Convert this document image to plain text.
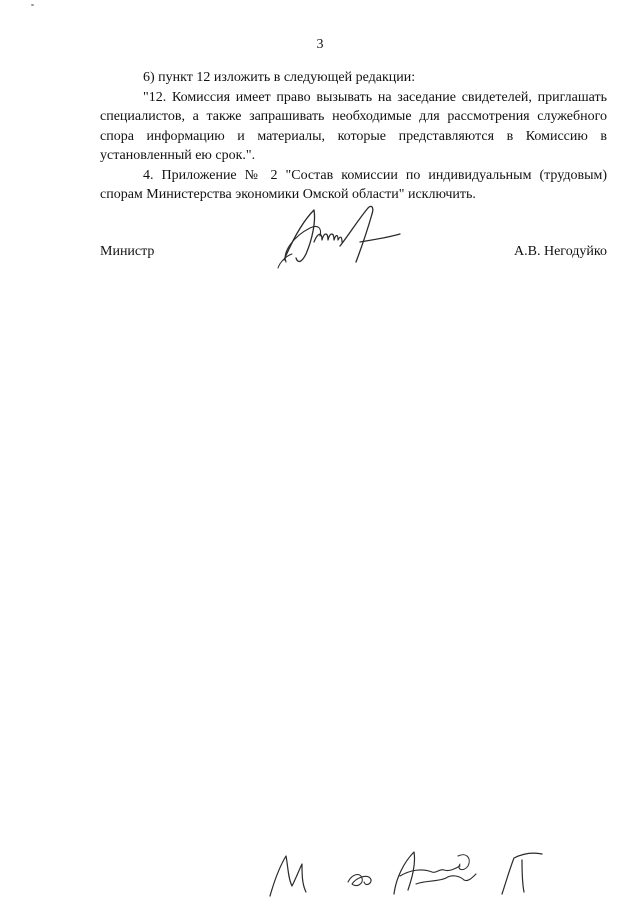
3

6) пункт 12 изложить в следующей редакции:

"12. Комиссия имеет право вызывать на заседание свидетелей, приглашать специалистов, а также запрашивать необходимые для рассмотрения служебного спора информацию и материалы, которые представляются в Комиссию в установленный ею срок.".

4. Приложение № 2 "Состав комиссии по индивидуальным (трудовым) спорам Министерства экономики Омской области" исключить.

Министр	А.В. Негодуйко
